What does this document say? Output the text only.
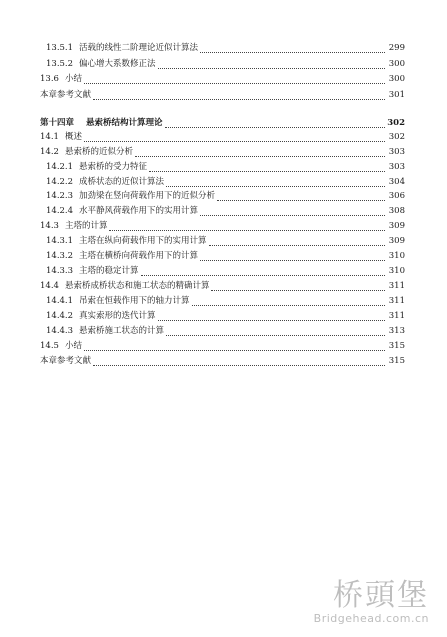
13.5.1 活载的线性二阶理论近似计算法	299
13.5.2 偏心增大系数修正法	300
13.6 小结	300
本章参考文献	301
第十四章	悬索桥结构计算理论	302
14.1 概述	302
14.2 悬索桥的近似分析	303
14.2.1 悬索桥的受力特征	303
14.2.2 成桥状态的近似计算法	304
14.2.3 加劲梁在竖向荷载作用下的近似分析	306
14.2.4 水平静风荷载作用下的实用计算	308
14.3 主塔的计算	309
14.3.1 主塔在纵向荷载作用下的实用计算	309
14.3.2 主塔在横桥向荷载作用下的计算	310
14.3.3 主塔的稳定计算	310
14.4 悬索桥成桥状态和施工状态的精确计算	311
14.4.1 吊索在恒载作用下的轴力计算	311
14.4.2 真实索形的迭代计算	311
14.4.3 悬索桥施工状态的计算	313
14.5 小结	315
本章参考文献	315
桥頭堡
Bridgehead.com.cn
